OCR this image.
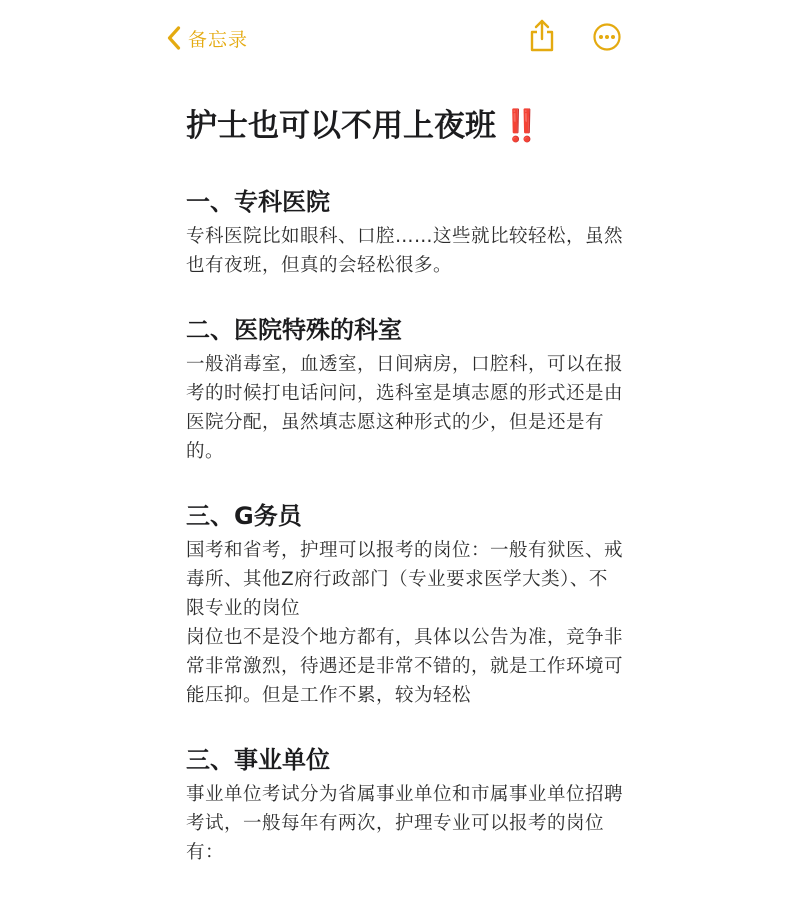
备忘录
护士也可以不用上夜班 ‼️
一、专科医院

专科医院比如眼科、口腔……这些就比较轻松，虽然也有夜班，但真的会轻松很多。

二、医院特殊的科室

一般消毒室，血透室，日间病房，口腔科，可以在报考的时候打电话问问，选科室是填志愿的形式还是由医院分配，虽然填志愿这种形式的少，但是还是有的。

三、G务员

国考和省考，护理可以报考的岗位：一般有狱医、戒毒所、其他Z府行政部门（专业要求医学大类）、不限专业的岗位

岗位也不是没个地方都有，具体以公告为准，竞争非常非常激烈，待遇还是非常不错的，就是工作环境可能压抑。但是工作不累，较为轻松

三、事业单位

事业单位考试分为省属事业单位和市属事业单位招聘考试，一般每年有两次，护理专业可以报考的岗位有：
